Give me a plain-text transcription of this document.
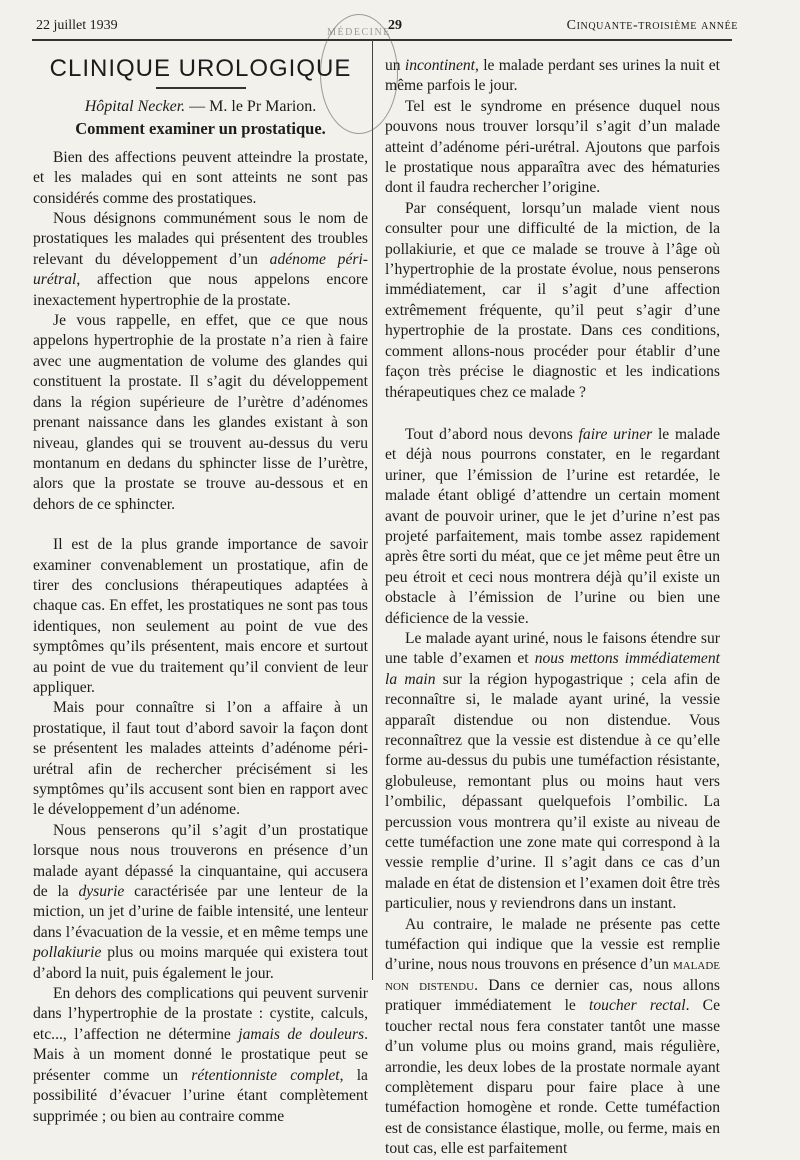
22 juillet 1939	29	Cinquante-troisième année
MÉDECINE
CLINIQUE UROLOGIQUE
Hôpital Necker. — M. le Pr Marion.
Comment examiner un prostatique.

Bien des affections peuvent atteindre la prostate, et les malades qui en sont atteints ne sont pas considérés comme des prostatiques.

Nous désignons communément sous le nom de prostatiques les malades qui présentent des troubles relevant du développement d’un adénome péri-urétral, affection que nous appelons encore inexactement hypertrophie de la prostate.

Je vous rappelle, en effet, que ce que nous appelons hypertrophie de la prostate n’a rien à faire avec une augmentation de volume des glandes qui constituent la prostate. Il s’agit du développement dans la région supérieure de l’urètre d’adénomes prenant naissance dans les glandes existant à son niveau, glandes qui se trouvent au-dessus du veru montanum en dedans du sphincter lisse de l’urètre, alors que la prostate se trouve au-dessous et en dehors de ce sphincter.

Il est de la plus grande importance de savoir examiner convenablement un prostatique, afin de tirer des conclusions thérapeutiques adaptées à chaque cas. En effet, les prostatiques ne sont pas tous identiques, non seulement au point de vue des symptômes qu’ils présentent, mais encore et surtout au point de vue du traitement qu’il convient de leur appliquer.

Mais pour connaître si l’on a affaire à un prostatique, il faut tout d’abord savoir la façon dont se présentent les malades atteints d’adénome péri-urétral afin de rechercher précisément si les symptômes qu’ils accusent sont bien en rapport avec le développement d’un adénome.

Nous penserons qu’il s’agit d’un prostatique lorsque nous nous trouverons en présence d’un malade ayant dépassé la cinquantaine, qui accusera de la dysurie caractérisée par une lenteur de la miction, un jet d’urine de faible intensité, une lenteur dans l’évacuation de la vessie, et en même temps une pollakiurie plus ou moins marquée qui existera tout d’abord la nuit, puis également le jour.

En dehors des complications qui peuvent survenir dans l’hypertrophie de la prostate : cystite, calculs, etc..., l’affection ne détermine jamais de douleurs. Mais à un moment donné le prostatique peut se présenter comme un rétentionniste complet, la possibilité d’évacuer l’urine étant complètement supprimée ; ou bien au contraire comme

un incontinent, le malade perdant ses urines la nuit et même parfois le jour.

Tel est le syndrome en présence duquel nous pouvons nous trouver lorsqu’il s’agit d’un malade atteint d’adénome péri-urétral. Ajoutons que parfois le prostatique nous apparaîtra avec des hématuries dont il faudra rechercher l’origine.

Par conséquent, lorsqu’un malade vient nous consulter pour une difficulté de la miction, de la pollakiurie, et que ce malade se trouve à l’âge où l’hypertrophie de la prostate évolue, nous penserons immédiatement, car il s’agit d’une affection extrêmement fréquente, qu’il peut s’agir d’une hypertrophie de la prostate. Dans ces conditions, comment allons-nous procéder pour établir d’une façon très précise le diagnostic et les indications thérapeutiques chez ce malade ?

Tout d’abord nous devons faire uriner le malade et déjà nous pourrons constater, en le regardant uriner, que l’émission de l’urine est retardée, le malade étant obligé d’attendre un certain moment avant de pouvoir uriner, que le jet d’urine n’est pas projeté parfaitement, mais tombe assez rapidement après être sorti du méat, que ce jet même peut être un peu étroit et ceci nous montrera déjà qu’il existe un obstacle à l’émission de l’urine ou bien une déficience de la vessie.

Le malade ayant uriné, nous le faisons étendre sur une table d’examen et nous mettons immédiatement la main sur la région hypogastrique ; cela afin de reconnaître si, le malade ayant uriné, la vessie apparaît distendue ou non distendue. Vous reconnaîtrez que la vessie est distendue à ce qu’elle forme au-dessus du pubis une tuméfaction résistante, globuleuse, remontant plus ou moins haut vers l’ombilic, dépassant quelquefois l’ombilic. La percussion vous montrera qu’il existe au niveau de cette tuméfaction une zone mate qui correspond à la vessie remplie d’urine. Il s’agit dans ce cas d’un malade en état de distension et l’examen doit être très particulier, nous y reviendrons dans un instant.

Au contraire, le malade ne présente pas cette tuméfaction qui indique que la vessie est remplie d’urine, nous nous trouvons en présence d’un malade non distendu. Dans ce dernier cas, nous allons pratiquer immédiatement le toucher rectal. Ce toucher rectal nous fera constater tantôt une masse d’un volume plus ou moins grand, mais régulière, arrondie, les deux lobes de la prostate normale ayant complètement disparu pour faire place à une tuméfaction homogène et ronde. Cette tuméfaction est de consistance élastique, molle, ou ferme, mais en tout cas, elle est parfaitement
